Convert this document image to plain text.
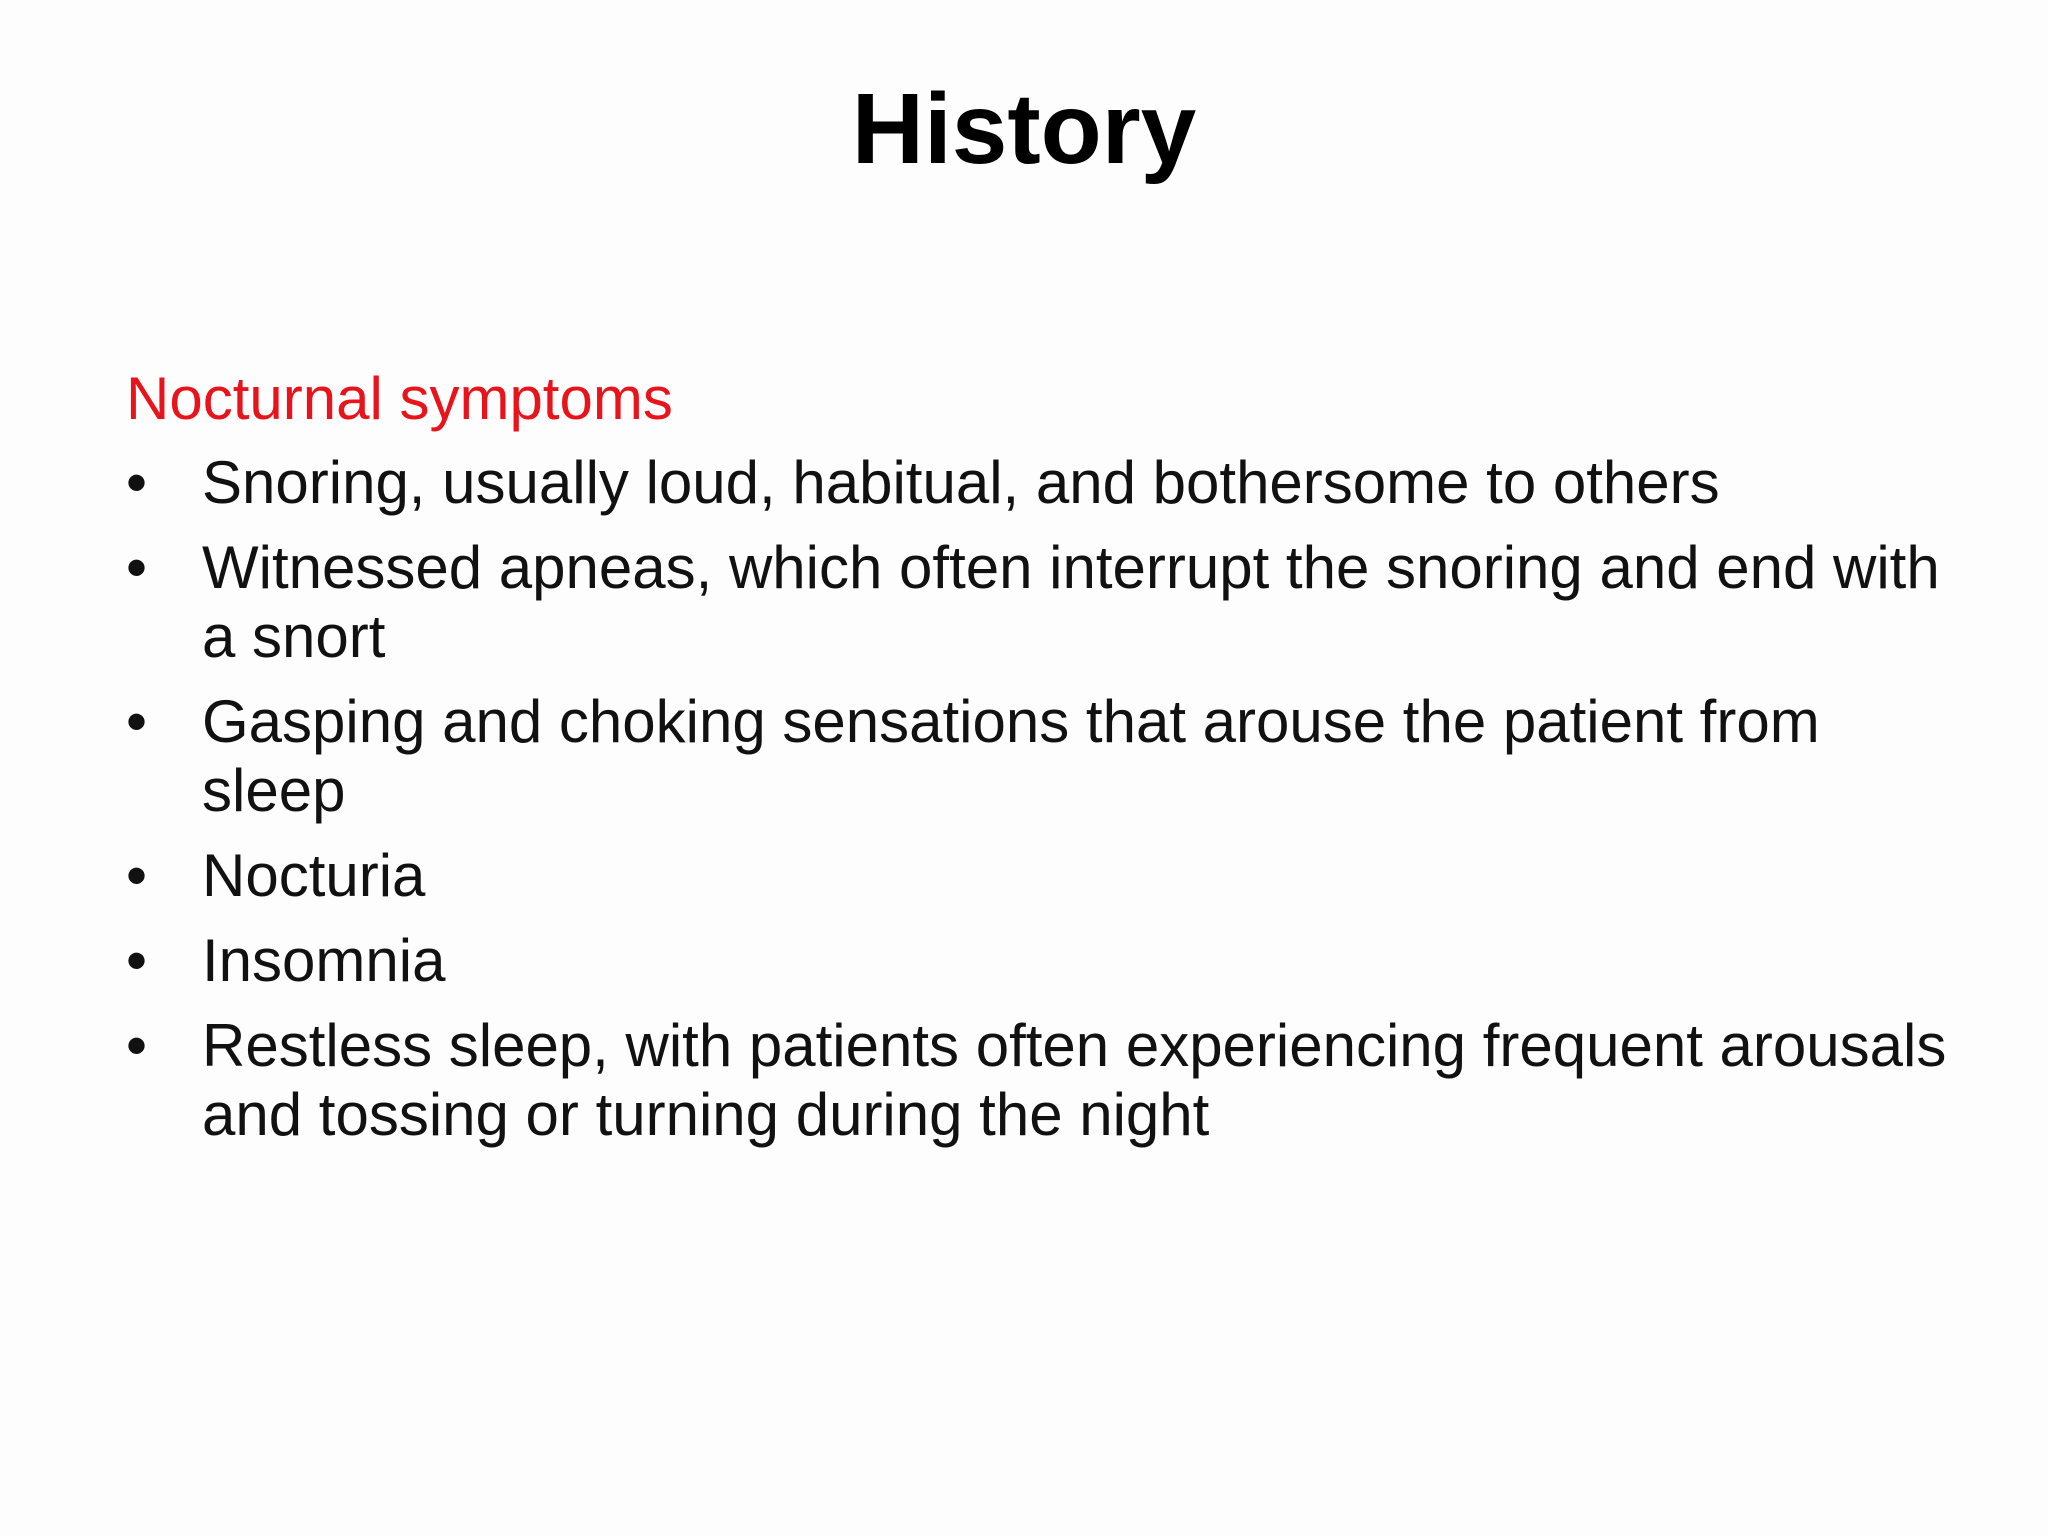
History

Nocturnal symptoms

• Snoring, usually loud, habitual, and bothersome to others
• Witnessed apneas, which often interrupt the snoring and end with a snort
• Gasping and choking sensations that arouse the patient from sleep
• Nocturia
• Insomnia
• Restless sleep, with patients often experiencing frequent arousals and tossing or turning during the night
